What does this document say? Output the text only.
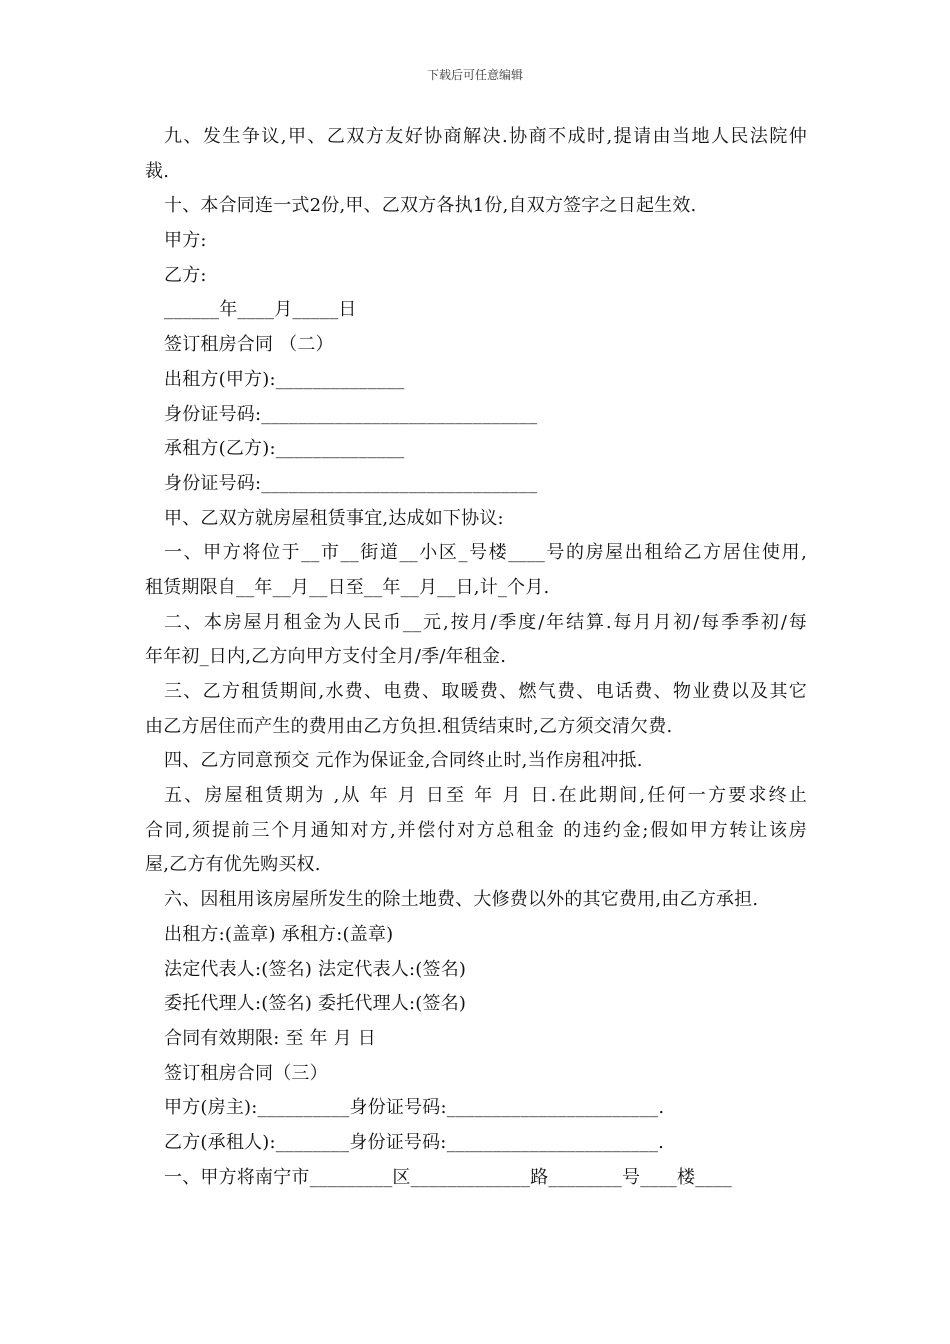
下载后可任意编辑
九、发生争议,甲、乙双方友好协商解决.协商不成时,提请由当地人民法院仲
裁.
十、本合同连一式2份,甲、乙双方各执1份,自双方签字之日起生效.
甲方:
乙方:
______年____月_____日
签订租房合同 （二）
出租方(甲方):______________
身份证号码:______________________________
承租方(乙方):______________
身份证号码:______________________________
甲、乙双方就房屋租赁事宜,达成如下协议:
一、甲方将位于__市__街道__小区_号楼____号的房屋出租给乙方居住使用,
租赁期限自__年__月__日至__年__月__日,计_个月.
二、本房屋月租金为人民币__元,按月/季度/年结算.每月月初/每季季初/每
年年初_日内,乙方向甲方支付全月/季/年租金.
三、乙方租赁期间,水费、电费、取暖费、燃气费、电话费、物业费以及其它
由乙方居住而产生的费用由乙方负担.租赁结束时,乙方须交清欠费.
四、乙方同意预交 元作为保证金,合同终止时,当作房租冲抵.
五、房屋租赁期为 ,从 年 月 日至 年 月 日.在此期间,任何一方要求终止
合同,须提前三个月通知对方,并偿付对方总租金 的违约金;假如甲方转让该房
屋,乙方有优先购买权.
六、因租用该房屋所发生的除土地费、大修费以外的其它费用,由乙方承担.
出租方:(盖章) 承租方:(盖章)
法定代表人:(签名) 法定代表人:(签名)
委托代理人:(签名) 委托代理人:(签名)
合同有效期限: 至 年 月 日
签订租房合同（三）
甲方(房主):__________身份证号码:_______________________.
乙方(承租人):________身份证号码:_______________________.
一、甲方将南宁市_________区_____________路________号____楼____
